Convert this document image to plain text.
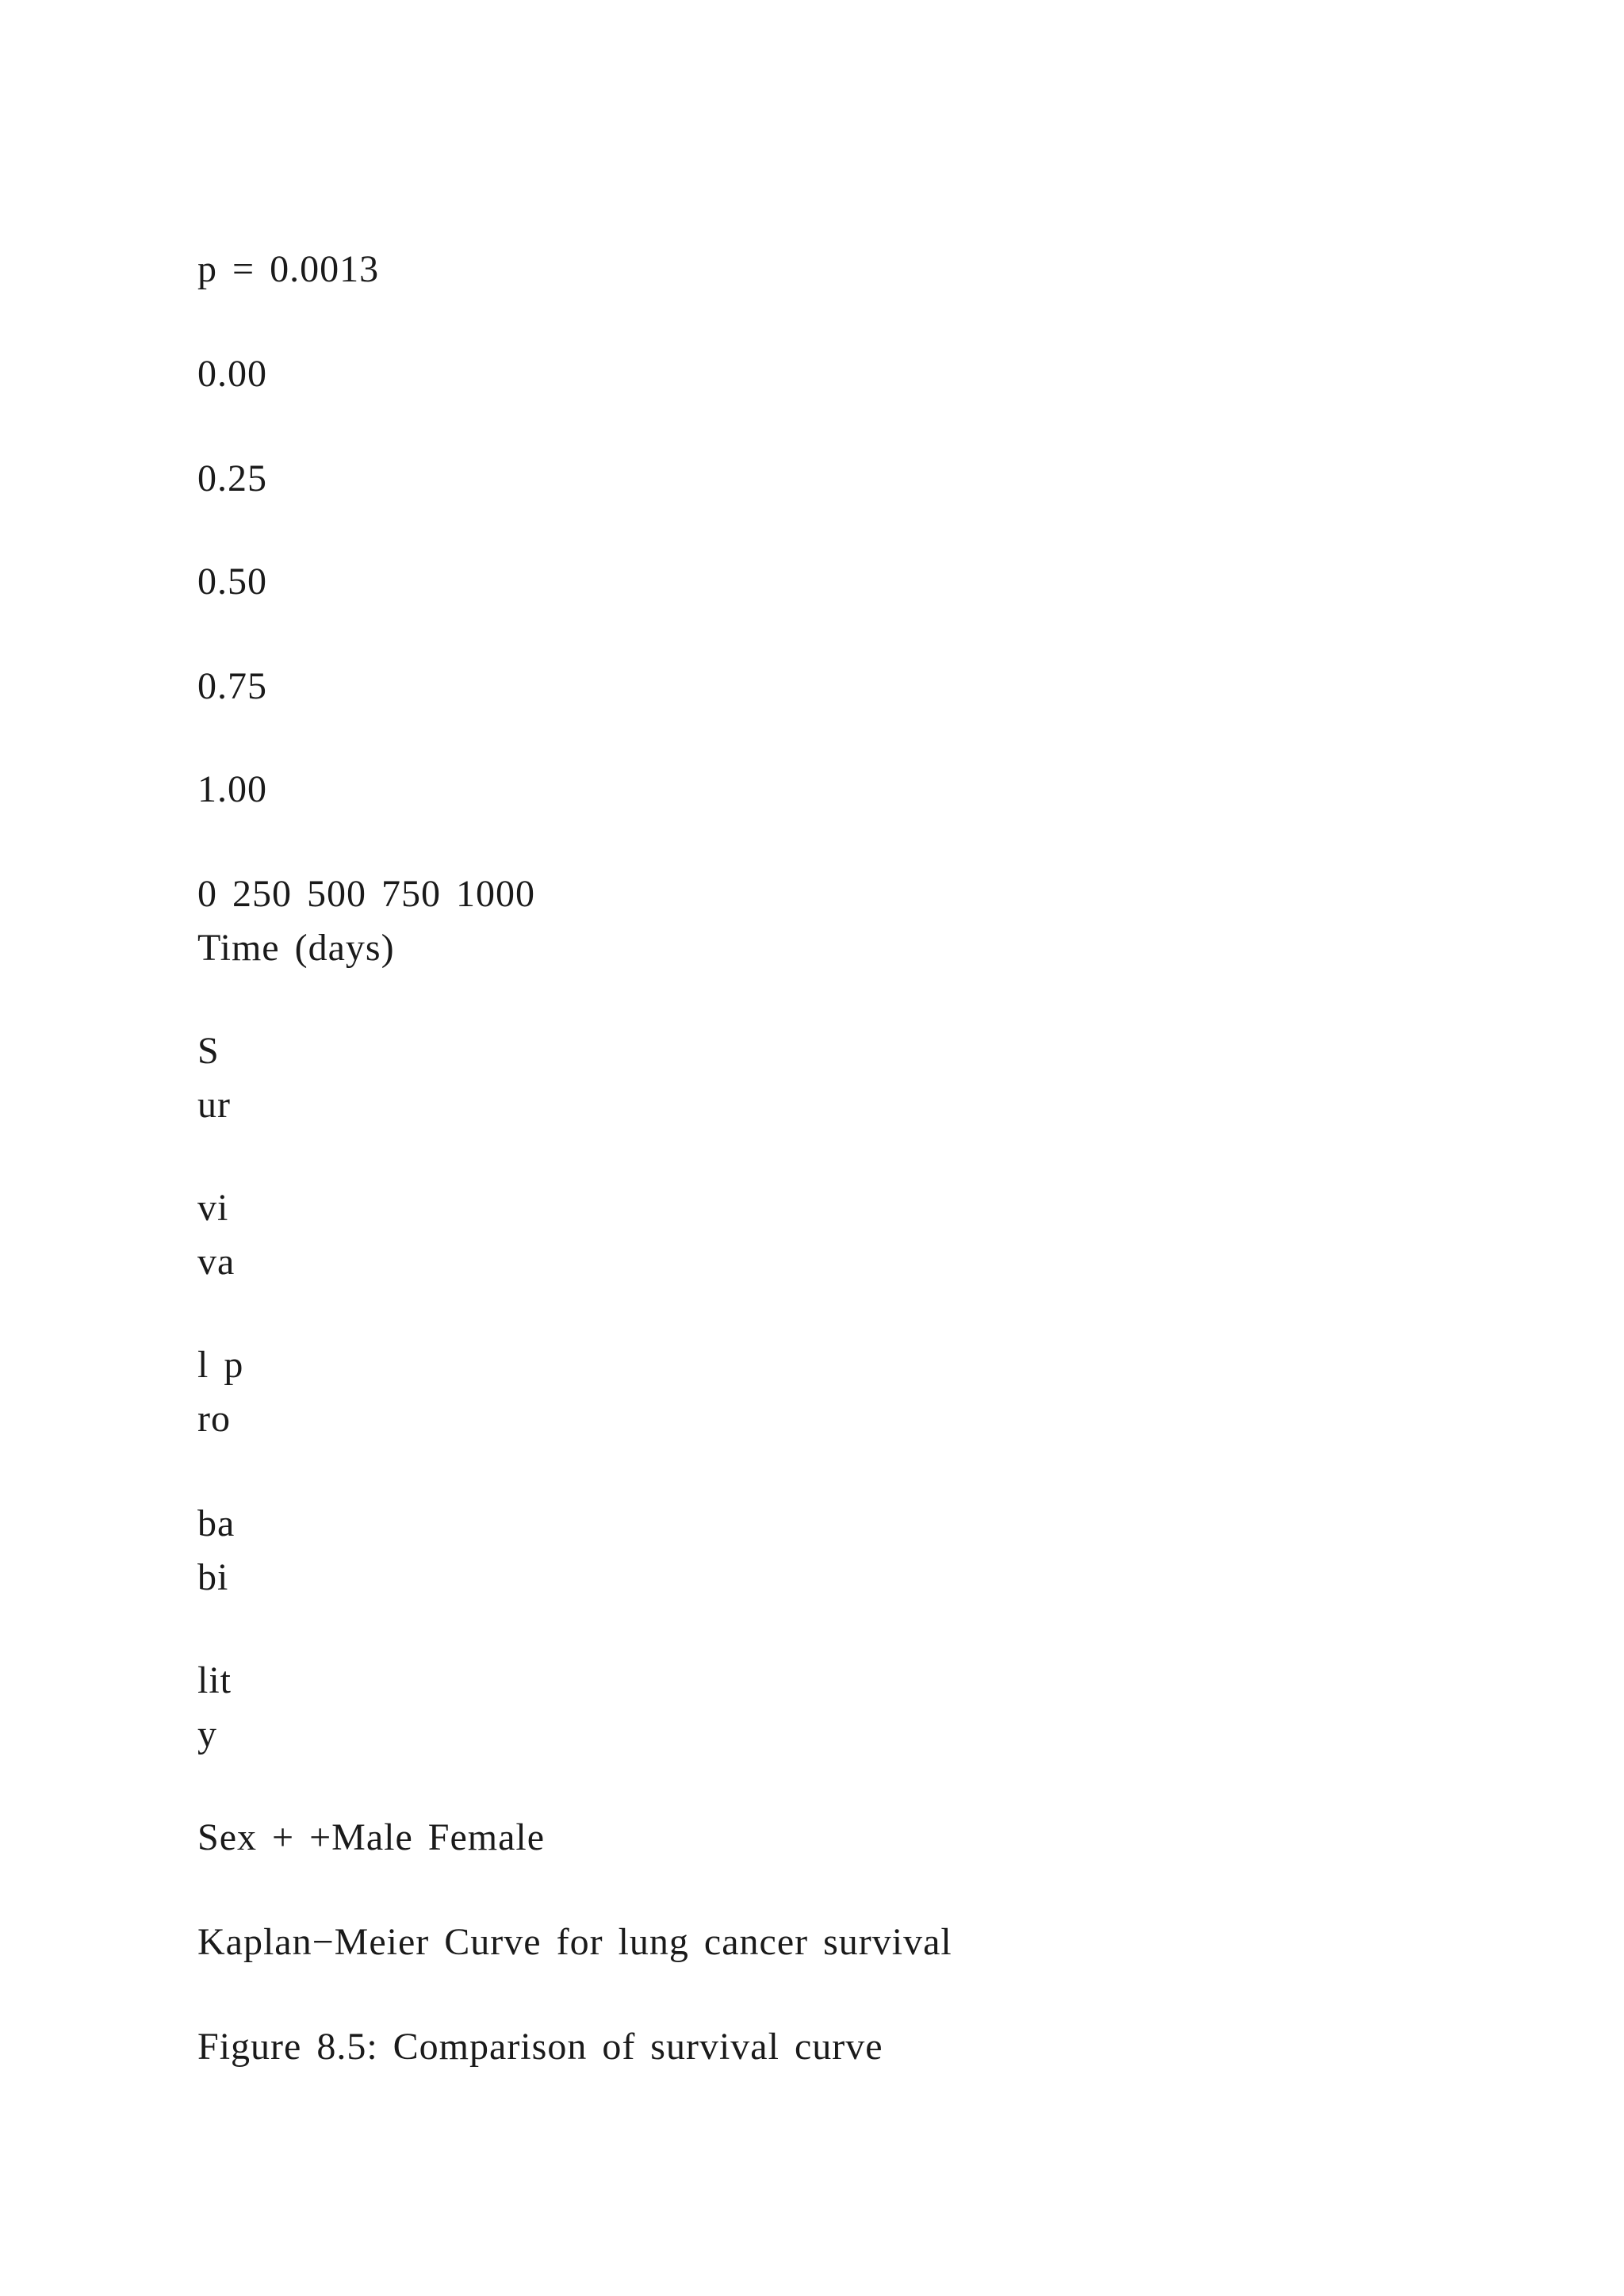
p = 0.0013
0.00
0.25
0.50
0.75
1.00
0 250 500 750 1000
Time (days)
S
ur
vi
va
l p
ro
ba
bi
lit
y
Sex + +Male Female
Kaplan−Meier Curve for lung cancer survival
Figure 8.5: Comparison of survival curve
